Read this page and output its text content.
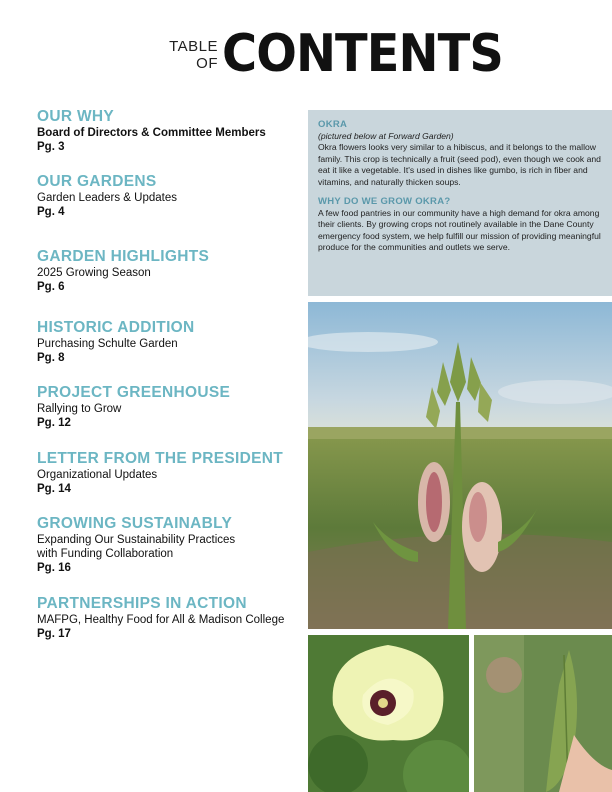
TABLE
OF CONTENTS
OUR WHY
Board of Directors & Committee Members
Pg. 3
OUR GARDENS
Garden Leaders & Updates
Pg. 4
GARDEN HIGHLIGHTS
2025 Growing Season
Pg. 6
HISTORIC ADDITION
Purchasing Schulte Garden
Pg. 8
PROJECT GREENHOUSE
Rallying to Grow
Pg. 12
LETTER FROM THE PRESIDENT
Organizational Updates
Pg. 14
GROWING SUSTAINABLY
Expanding Our Sustainability Practices
with Funding Collaboration
Pg. 16
PARTNERSHIPS IN ACTION
MAFPG, Healthy Food for All & Madison College
Pg. 17
OKRA

(pictured below at Forward Garden)

Okra flowers looks very similar to a hibiscus, and it belongs to the mallow family. This crop is technically a fruit (seed pod), even though we cook and eat it like a vegetable. It's used in dishes like gumbo, is rich in fiber and vitamins, and naturally thicken soups.

WHY DO WE GROW OKRA?

A few food pantries in our community have a high demand for okra among their clients. By growing crops not routinely available in the Dane County emergency food system, we help fulfill our mission of providing meaningful produce for the communities and outlets we serve.
